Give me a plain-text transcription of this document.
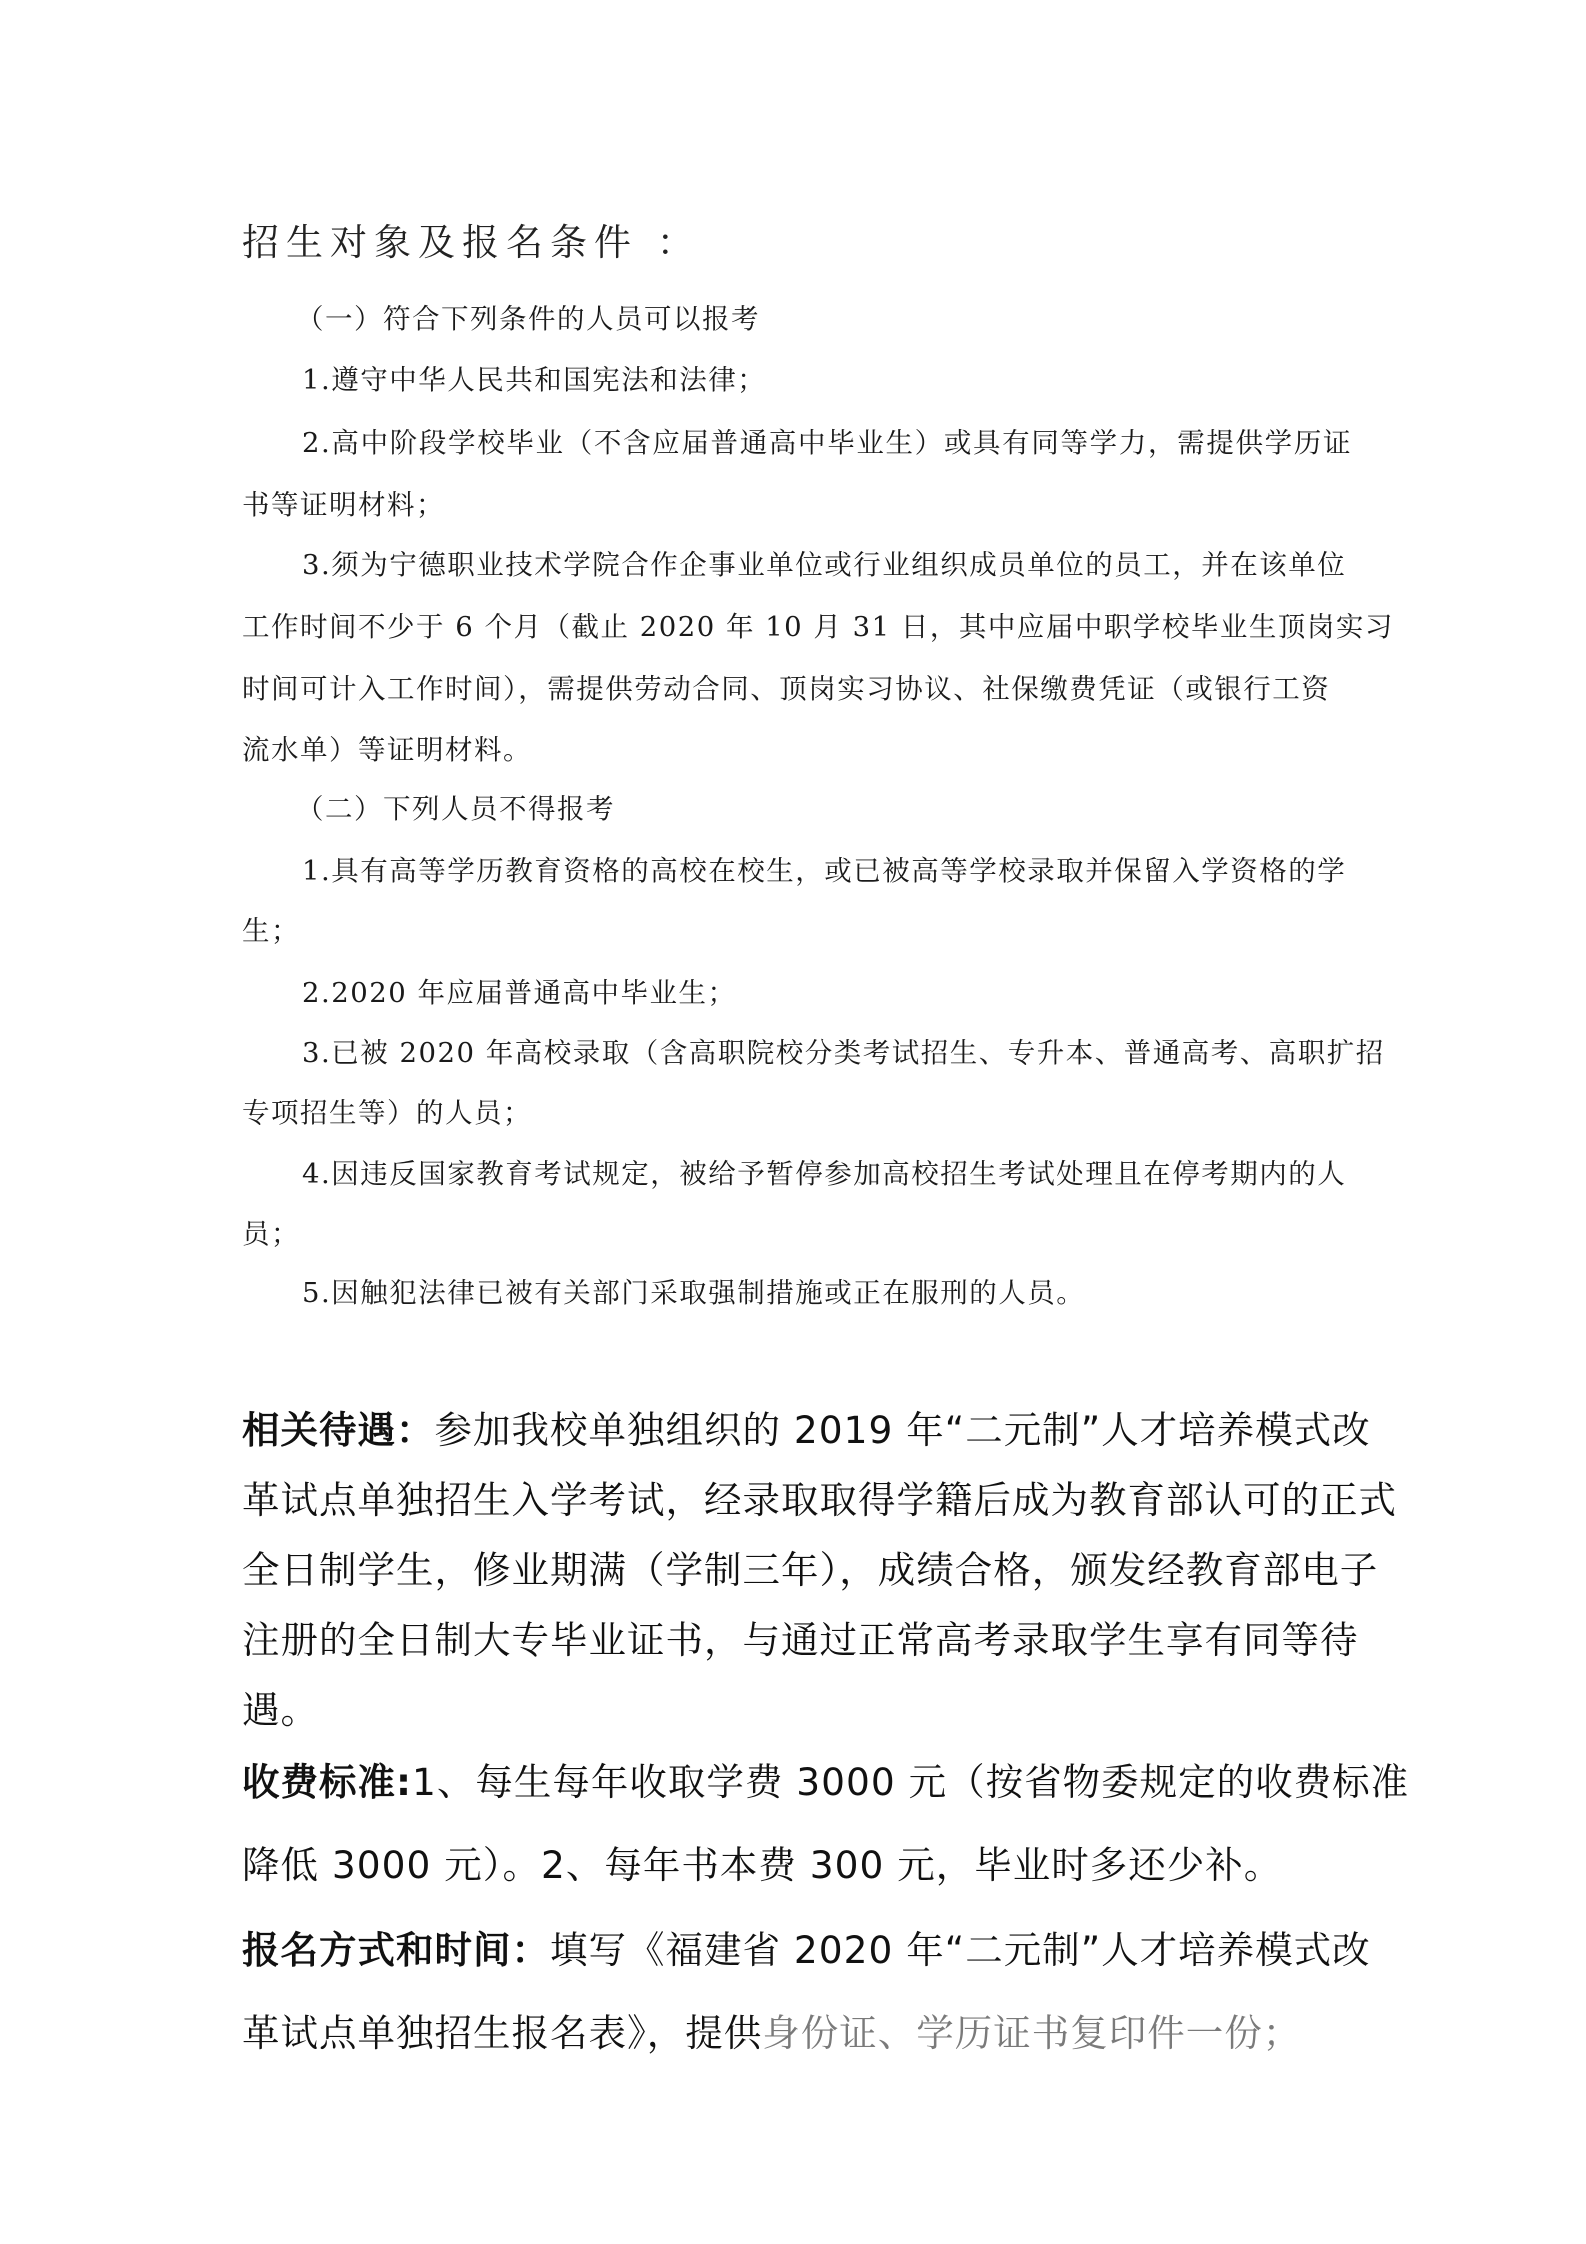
招生对象及报名条件 ：
（一）符合下列条件的人员可以报考
1.遵守中华人民共和国宪法和法律；
2.高中阶段学校毕业（不含应届普通高中毕业生）或具有同等学力，需提供学历证
书等证明材料；
3.须为宁德职业技术学院合作企事业单位或行业组织成员单位的员工，并在该单位
工作时间不少于 6 个月（截止 2020 年 10 月 31 日，其中应届中职学校毕业生顶岗实习
时间可计入工作时间），需提供劳动合同、顶岗实习协议、社保缴费凭证（或银行工资
流水单）等证明材料。
（二）下列人员不得报考
1.具有高等学历教育资格的高校在校生，或已被高等学校录取并保留入学资格的学
生；
2.2020 年应届普通高中毕业生；
3.已被 2020 年高校录取（含高职院校分类考试招生、专升本、普通高考、高职扩招
专项招生等）的人员；
4.因违反国家教育考试规定，被给予暂停参加高校招生考试处理且在停考期内的人
员；
5.因触犯法律已被有关部门采取强制措施或正在服刑的人员。
相关待遇：参加我校单独组织的 2019 年“二元制”人才培养模式改
革试点单独招生入学考试，经录取取得学籍后成为教育部认可的正式
全日制学生，修业期满（学制三年），成绩合格，颁发经教育部电子
注册的全日制大专毕业证书，与通过正常高考录取学生享有同等待
遇。
收费标准:1、每生每年收取学费 3000 元（按省物委规定的收费标准
降低 3000 元）。2、每年书本费 300 元，毕业时多还少补。
报名方式和时间：填写《福建省 2020 年“二元制”人才培养模式改
革试点单独招生报名表》，提供身份证、学历证书复印件一份；
